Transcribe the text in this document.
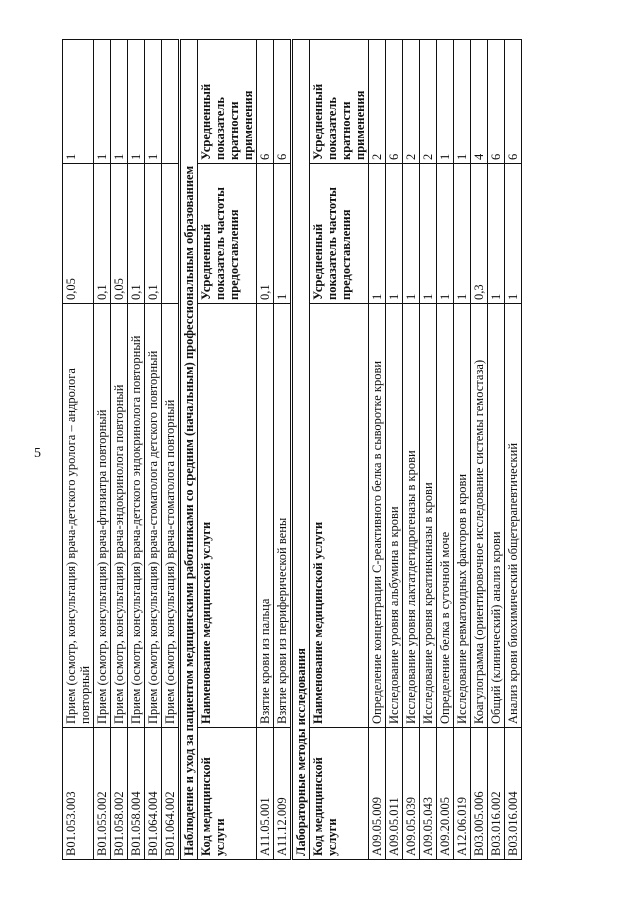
5
B01.053.003	Прием (осмотр, консультация) врача-детского уролога – андролога повторный	0,05	1
B01.055.002	Прием (осмотр, консультация) врача-фтизиатра повторный	0,1	1
B01.058.002	Прием (осмотр, консультация) врача-эндокринолога повторный	0,05	1
B01.058.004	Прием (осмотр, консультация) врача-детского эндокринолога повторный	0,1	1
B01.064.004	Прием (осмотр, консультация) врача-стоматолога детского повторный	0,1	1
B01.064.002	Прием (осмотр, консультация) врача-стоматолога повторный		
Наблюдение и уход за пациентом медицинскими работниками со средним (начальным) профессиональным образованием			
Код медицинской услуги	Наименование медицинской услуги	Усредненный показатель частоты предоставления	Усредненный показатель кратности применения
A11.05.001	Взятие крови из пальца	0,1	6
A11.12.009	Взятие крови из периферической вены	1	6
Лабораторные методы исследования			
Код медицинской услуги	Наименование медицинской услуги	Усредненный показатель частоты предоставления	Усредненный показатель кратности применения
A09.05.009	Определение концентрации C-реактивного белка в сыворотке крови	1	2
A09.05.011	Исследование уровня альбумина в крови	1	6
A09.05.039	Исследование уровня лактатдегидрогеназы в крови	1	2
A09.05.043	Исследование уровня креатинкиназы в крови	1	2
A09.20.005	Определение белка в суточной моче	1	1
A12.06.019	Исследование ревматоидных факторов в крови	1	1
B03.005.006	Коагулограмма (ориентировочное исследование системы гемостаза)	0,3	4
B03.016.002	Общий (клинический) анализ крови	1	6
B03.016.004	Анализ крови биохимический общетерапевтический	1	6
